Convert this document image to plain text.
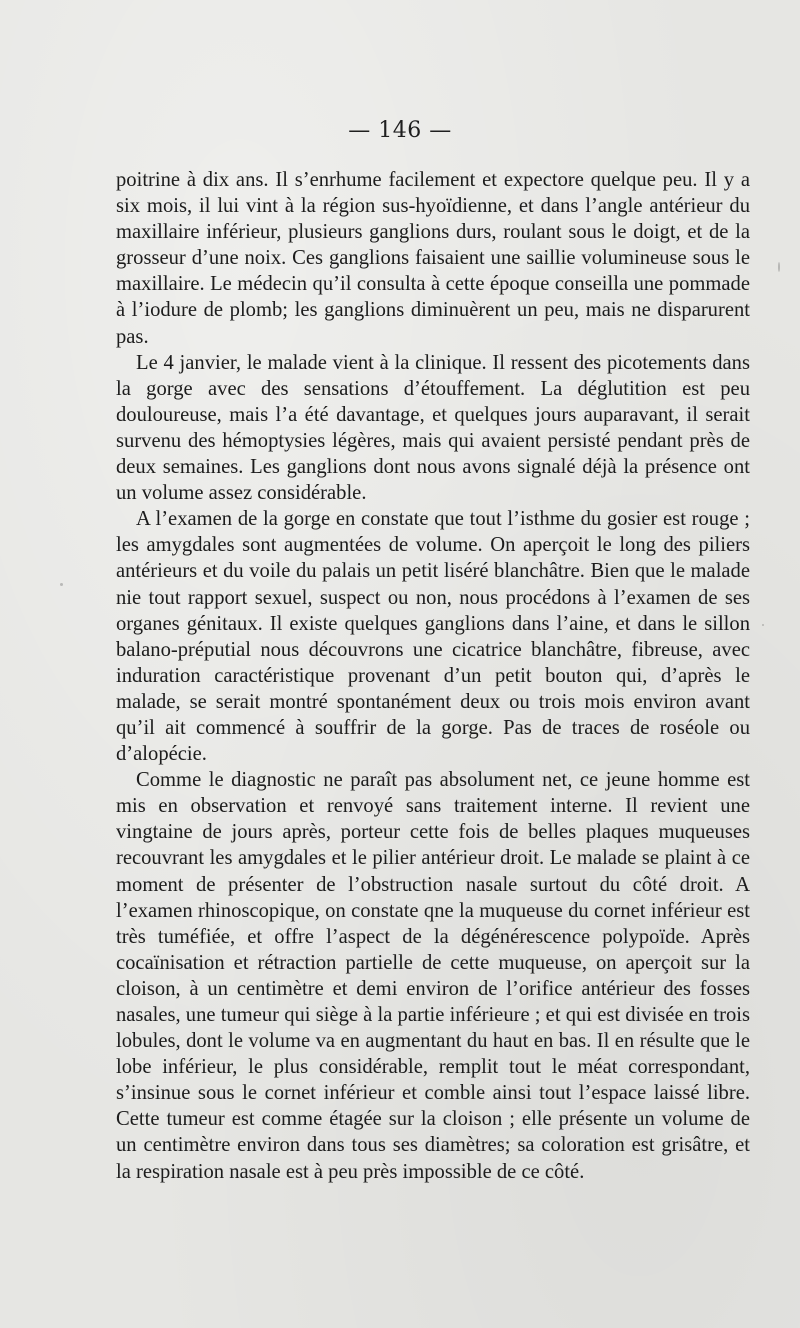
— 146 —

poitrine à dix ans. Il s’enrhume facilement et expectore quelque peu. Il y a six mois, il lui vint à la région sus-hyoïdienne, et dans l’angle antérieur du maxillaire inférieur, plusieurs ganglions durs, roulant sous le doigt, et de la grosseur d’une noix. Ces ganglions faisaient une saillie volumineuse sous le maxillaire. Le médecin qu’il consulta à cette époque conseilla une pommade à l’iodure de plomb; les ganglions diminuèrent un peu, mais ne disparurent pas.

Le 4 janvier, le malade vient à la clinique. Il ressent des picotements dans la gorge avec des sensations d’étouffement. La déglutition est peu douloureuse, mais l’a été davantage, et quelques jours auparavant, il serait survenu des hémoptysies légères, mais qui avaient persisté pendant près de deux semaines. Les ganglions dont nous avons signalé déjà la présence ont un volume assez considérable.

A l’examen de la gorge en constate que tout l’isthme du gosier est rouge ; les amygdales sont augmentées de volume. On aperçoit le long des piliers antérieurs et du voile du palais un petit liséré blanchâtre. Bien que le malade nie tout rapport sexuel, suspect ou non, nous procédons à l’examen de ses organes génitaux. Il existe quelques ganglions dans l’aine, et dans le sillon balano-préputial nous découvrons une cicatrice blanchâtre, fibreuse, avec induration caractéristique provenant d’un petit bouton qui, d’après le malade, se serait montré spontanément deux ou trois mois environ avant qu’il ait commencé à souffrir de la gorge. Pas de traces de roséole ou d’alopécie.

Comme le diagnostic ne paraît pas absolument net, ce jeune homme est mis en observation et renvoyé sans traitement interne. Il revient une vingtaine de jours après, porteur cette fois de belles plaques muqueuses recouvrant les amygdales et le pilier antérieur droit. Le malade se plaint à ce moment de présenter de l’obstruction nasale surtout du côté droit. A l’examen rhinoscopique, on constate qne la muqueuse du cornet inférieur est très tuméfiée, et offre l’aspect de la dégénérescence polypoïde. Après cocaïnisation et rétraction partielle de cette muqueuse, on aperçoit sur la cloison, à un centimètre et demi environ de l’orifice antérieur des fosses nasales, une tumeur qui siège à la partie inférieure ; et qui est divisée en trois lobules, dont le volume va en augmentant du haut en bas. Il en résulte que le lobe inférieur, le plus considérable, remplit tout le méat correspondant, s’insinue sous le cornet inférieur et comble ainsi tout l’espace laissé libre. Cette tumeur est comme étagée sur la cloison ; elle présente un volume de un centimètre environ dans tous ses diamètres; sa coloration est grisâtre, et la respiration nasale est à peu près impossible de ce côté.
